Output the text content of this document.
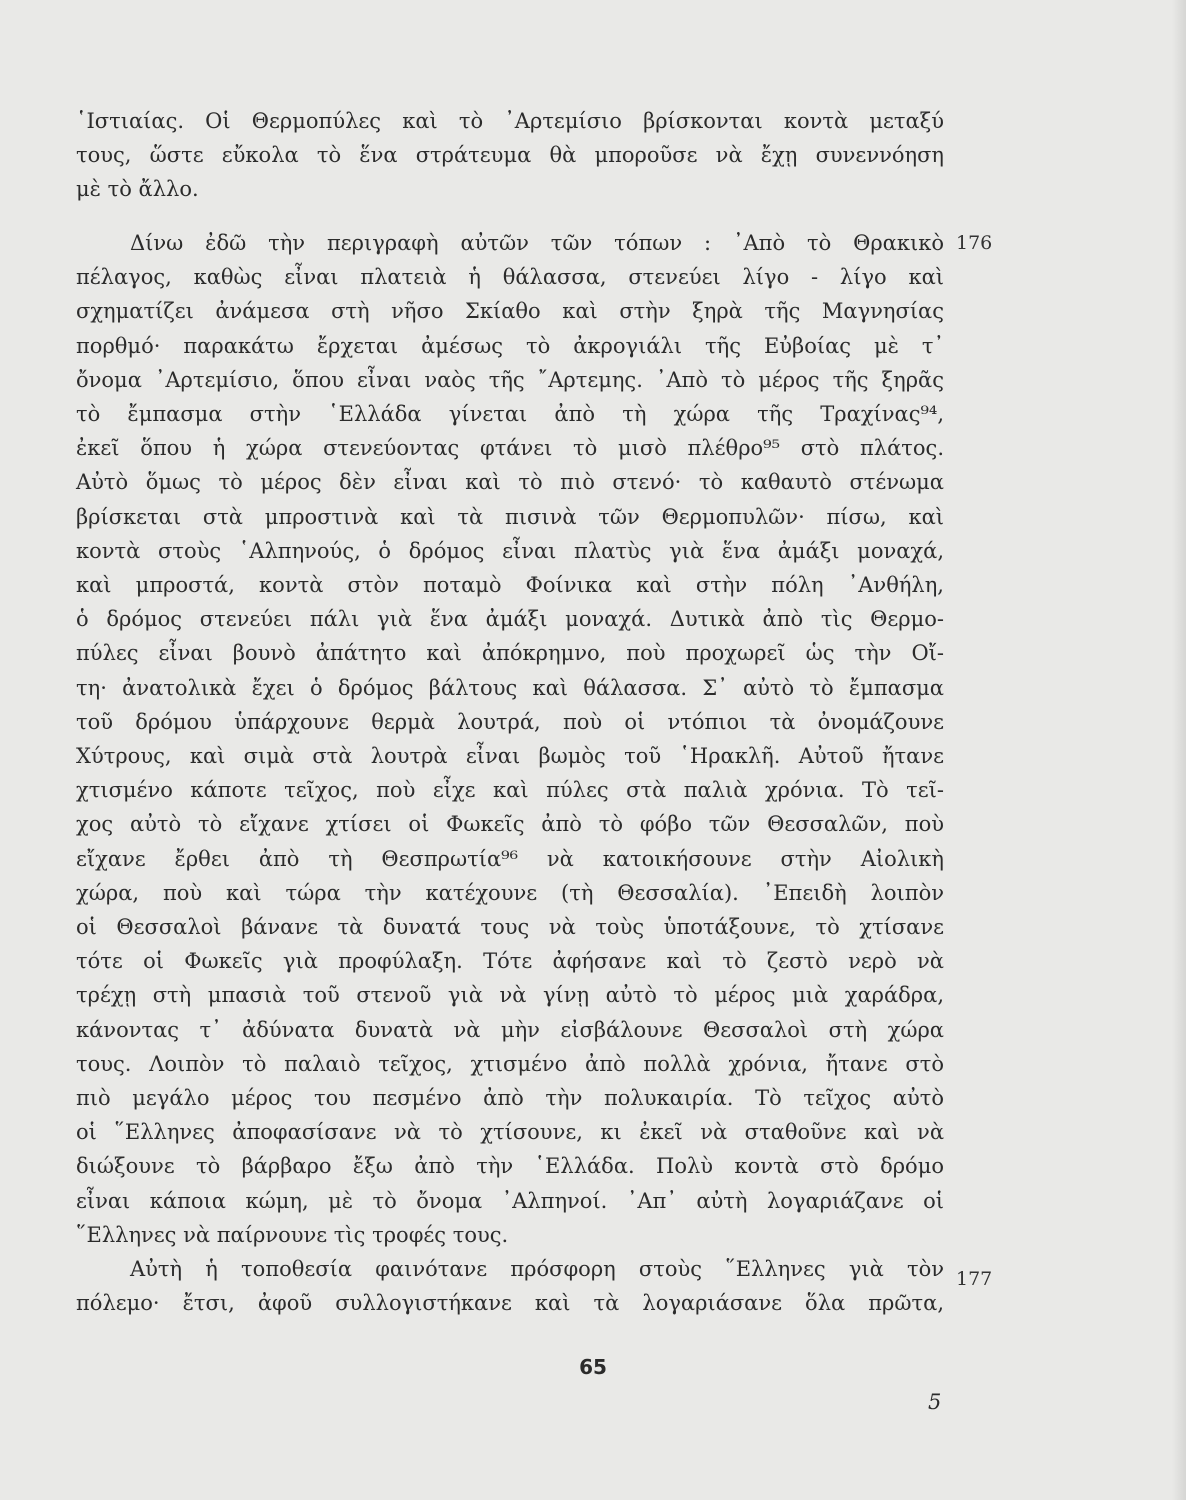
῾Ιστιαίας. Οἱ Θερμοπύλες καὶ τὸ ᾿Αρτεμίσιο βρίσκονται κοντὰ μεταξύ
τους, ὥστε εὔκολα τὸ ἕνα στράτευμα θὰ μποροῦσε νὰ ἔχῃ συνεννόηση
μὲ τὸ ἄλλο.
Δίνω ἐδῶ τὴν περιγραφὴ αὐτῶν τῶν τόπων : ᾿Απὸ τὸ Θρακικὸ
πέλαγος, καθὼς εἶναι πλατειὰ ἡ θάλασσα, στενεύει λίγο - λίγο καὶ
σχηματίζει ἀνάμεσα στὴ νῆσο Σκίαθο καὶ στὴν ξηρὰ τῆς Μαγνησίας
πορθμό· παρακάτω ἔρχεται ἀμέσως τὸ ἀκρογιάλι τῆς Εὐβοίας μὲ τ᾿
ὄνομα ᾿Αρτεμίσιο, ὅπου εἶναι ναὸς τῆς ῎Αρτεμης. ᾿Απὸ τὸ μέρος τῆς ξηρᾶς
τὸ ἔμπασμα στὴν ῾Ελλάδα γίνεται ἀπὸ τὴ χώρα τῆς Τραχίνας⁹⁴,
ἐκεῖ ὅπου ἡ χώρα στενεύοντας φτάνει τὸ μισὸ πλέθρο⁹⁵ στὸ πλάτος.
Αὐτὸ ὅμως τὸ μέρος δὲν εἶναι καὶ τὸ πιὸ στενό· τὸ καθαυτὸ στένωμα
βρίσκεται στὰ μπροστινὰ καὶ τὰ πισινὰ τῶν Θερμοπυλῶν· πίσω, καὶ
κοντὰ στοὺς ῾Αλπηνούς, ὁ δρόμος εἶναι πλατὺς γιὰ ἕνα ἀμάξι μοναχά,
καὶ μπροστά, κοντὰ στὸν ποταμὸ Φοίνικα καὶ στὴν πόλη ᾿Ανθήλη,
ὁ δρόμος στενεύει πάλι γιὰ ἕνα ἀμάξι μοναχά. Δυτικὰ ἀπὸ τὶς Θερμο-
πύλες εἶναι βουνὸ ἀπάτητο καὶ ἀπόκρημνο, ποὺ προχωρεῖ ὡς τὴν Οἴ-
τη· ἀνατολικὰ ἔχει ὁ δρόμος βάλτους καὶ θάλασσα. Σ᾿ αὐτὸ τὸ ἔμπασμα
τοῦ δρόμου ὑπάρχουνε θερμὰ λουτρά, ποὺ οἱ ντόπιοι τὰ ὀνομάζουνε
Χύτρους, καὶ σιμὰ στὰ λουτρὰ εἶναι βωμὸς τοῦ ῾Ηρακλῆ. Αὐτοῦ ἤτανε
χτισμένο κάποτε τεῖχος, ποὺ εἶχε καὶ πύλες στὰ παλιὰ χρόνια. Τὸ τεῖ-
χος αὐτὸ τὸ εἴχανε χτίσει οἱ Φωκεῖς ἀπὸ τὸ φόβο τῶν Θεσσαλῶν, ποὺ
εἴχανε ἔρθει ἀπὸ τὴ Θεσπρωτία⁹⁶ νὰ κατοικήσουνε στὴν Αἰολικὴ
χώρα, ποὺ καὶ τώρα τὴν κατέχουνε (τὴ Θεσσαλία). ᾿Επειδὴ λοιπὸν
οἱ Θεσσαλοὶ βάνανε τὰ δυνατά τους νὰ τοὺς ὑποτάξουνε, τὸ χτίσανε
τότε οἱ Φωκεῖς γιὰ προφύλαξη. Τότε ἀφήσανε καὶ τὸ ζεστὸ νερὸ νὰ
τρέχῃ στὴ μπασιὰ τοῦ στενοῦ γιὰ νὰ γίνῃ αὐτὸ τὸ μέρος μιὰ χαράδρα,
κάνοντας τ᾿ ἀδύνατα δυνατὰ νὰ μὴν εἰσβάλουνε Θεσσαλοὶ στὴ χώρα
τους. Λοιπὸν τὸ παλαιὸ τεῖχος, χτισμένο ἀπὸ πολλὰ χρόνια, ἤτανε στὸ
πιὸ μεγάλο μέρος του πεσμένο ἀπὸ τὴν πολυκαιρία. Τὸ τεῖχος αὐτὸ
οἱ ῞Ελληνες ἀποφασίσανε νὰ τὸ χτίσουνε, κι ἐκεῖ νὰ σταθοῦνε καὶ νὰ
διώξουνε τὸ βάρβαρο ἔξω ἀπὸ τὴν ῾Ελλάδα. Πολὺ κοντὰ στὸ δρόμο
εἶναι κάποια κώμη, μὲ τὸ ὄνομα ᾿Αλπηνοί. ᾿Απ᾿ αὐτὴ λογαριάζανε οἱ
῞Ελληνες νὰ παίρνουνε τὶς τροφές τους.
Αὐτὴ ἡ τοποθεσία φαινότανε πρόσφορη στοὺς ῞Ελληνες γιὰ τὸν
πόλεμο· ἔτσι, ἀφοῦ συλλογιστήκανε καὶ τὰ λογαριάσανε ὅλα πρῶτα,
176
177
65
5
